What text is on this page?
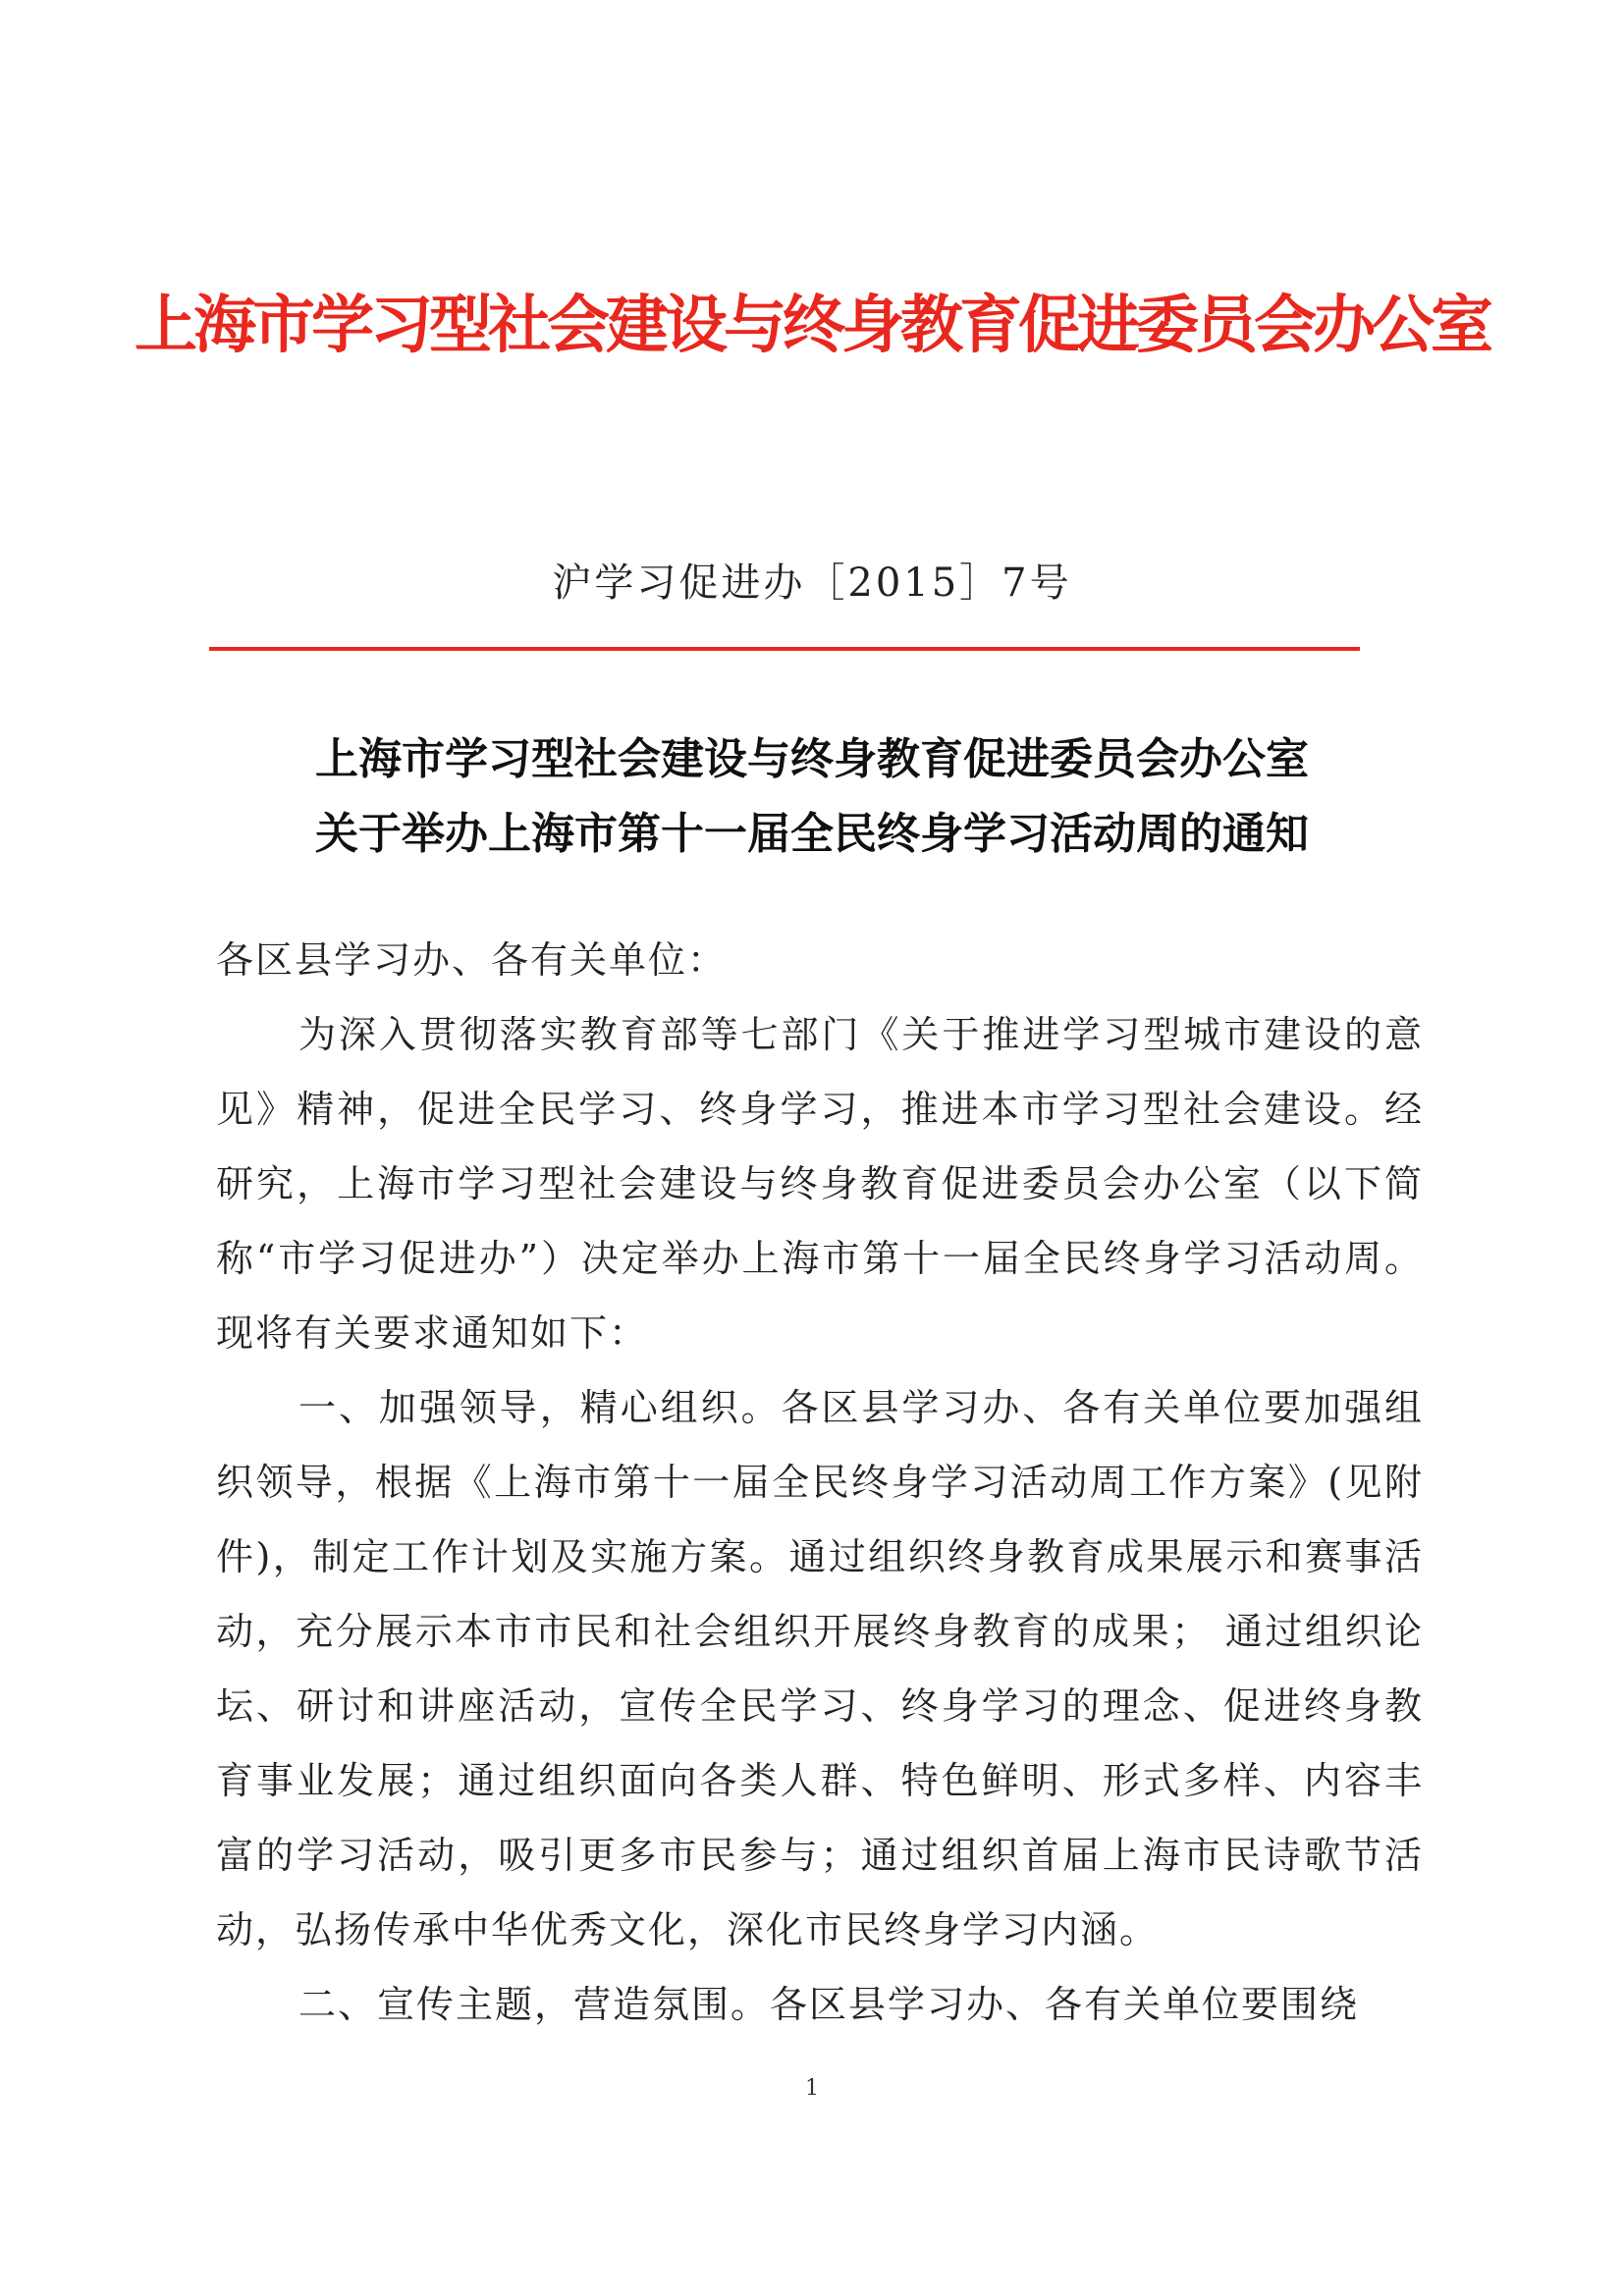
上海市学习型社会建设与终身教育促进委员会办公室
沪学习促进办［2015］7号
上海市学习型社会建设与终身教育促进委员会办公室
关于举办上海市第十一届全民终身学习活动周的通知

各区县学习办、各有关单位：

为深入贯彻落实教育部等七部门《关于推进学习型城市建设的意见》精神，促进全民学习、终身学习，推进本市学习型社会建设。经研究，上海市学习型社会建设与终身教育促进委员会办公室（以下简称“市学习促进办”）决定举办上海市第十一届全民终身学习活动周。现将有关要求通知如下：

一、加强领导，精心组织。各区县学习办、各有关单位要加强组织领导，根据《上海市第十一届全民终身学习活动周工作方案》(见附件)，制定工作计划及实施方案。通过组织终身教育成果展示和赛事活动，充分展示本市市民和社会组织开展终身教育的成果； 通过组织论坛、研讨和讲座活动，宣传全民学习、终身学习的理念、促进终身教育事业发展；通过组织面向各类人群、特色鲜明、形式多样、内容丰富的学习活动，吸引更多市民参与；通过组织首届上海市民诗歌节活动，弘扬传承中华优秀文化，深化市民终身学习内涵。

二、宣传主题，营造氛围。各区县学习办、各有关单位要围绕

1
